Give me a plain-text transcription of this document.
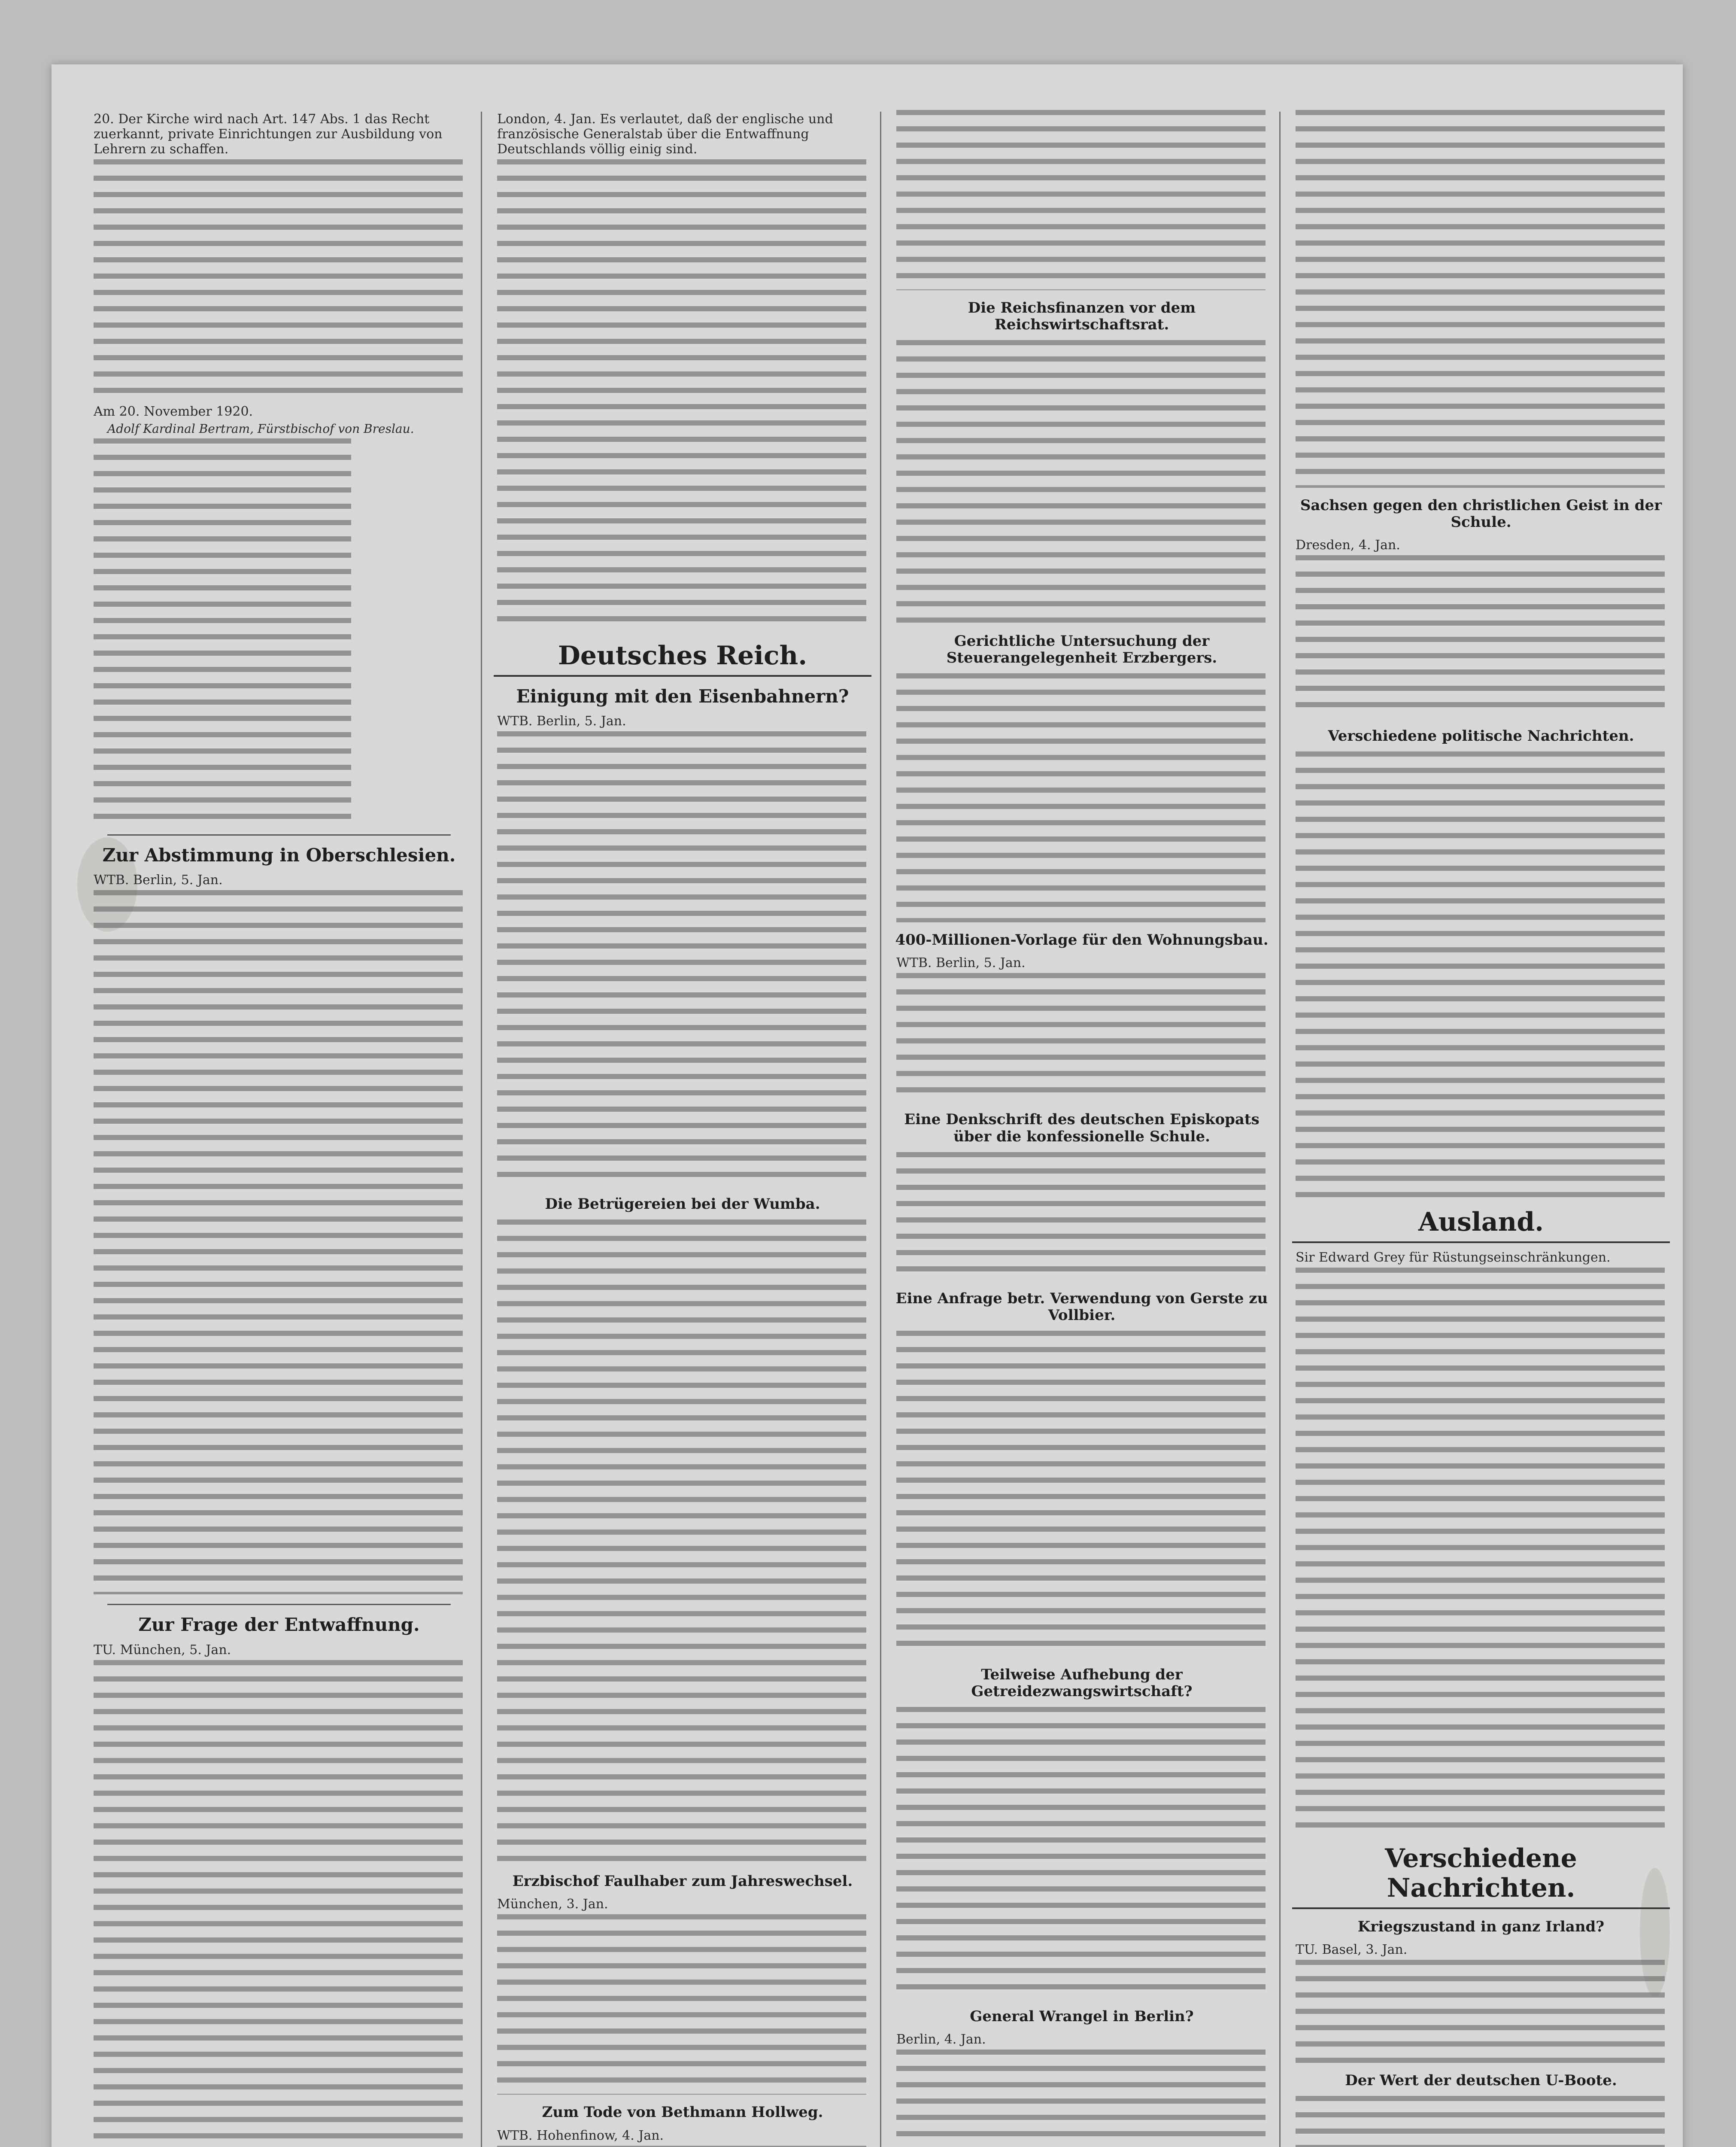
20. Der Kirche wird nach Art. 147 Abs. 1 das Recht zuerkannt, private Einrichtungen zur Ausbildung von Lehrern zu schaffen.
Am 20. November 1920.
Adolf Kardinal Bertram, Fürstbischof von Breslau.
Zur Abstimmung in Oberschlesien.
WTB. Berlin, 5. Jan.
Zur Frage der Entwaffnung.
TU. München, 5. Jan.
London, 4. Jan. Es verlautet, daß der englische und französische Generalstab über die Entwaffnung Deutschlands völlig einig sind.
Deutsches Reich.
Einigung mit den Eisenbahnern?
WTB. Berlin, 5. Jan.
Die Betrügereien bei der Wumba.
Erzbischof Faulhaber zum Jahreswechsel.
München, 3. Jan.
Zum Tode von Bethmann Hollweg.
WTB. Hohenfinow, 4. Jan.
Die Reichsfinanzen vor dem Reichswirtschaftsrat.
Gerichtliche Untersuchung der Steuerangelegenheit Erzbergers.
400-Millionen-Vorlage für den Wohnungsbau.
WTB. Berlin, 5. Jan.
Eine Denkschrift des deutschen Episkopats über die konfessionelle Schule.
Eine Anfrage betr. Verwendung von Gerste zu Vollbier.
Teilweise Aufhebung der Getreidezwangswirtschaft?
General Wrangel in Berlin?
Berlin, 4. Jan.
Sachsen gegen den christlichen Geist in der Schule.
Dresden, 4. Jan.
Verschiedene politische Nachrichten.
Ausland.
Sir Edward Grey für Rüstungseinschränkungen.
Verschiedene Nachrichten.
Kriegszustand in ganz Irland?
TU. Basel, 3. Jan.
Der Wert der deutschen U-Boote.
